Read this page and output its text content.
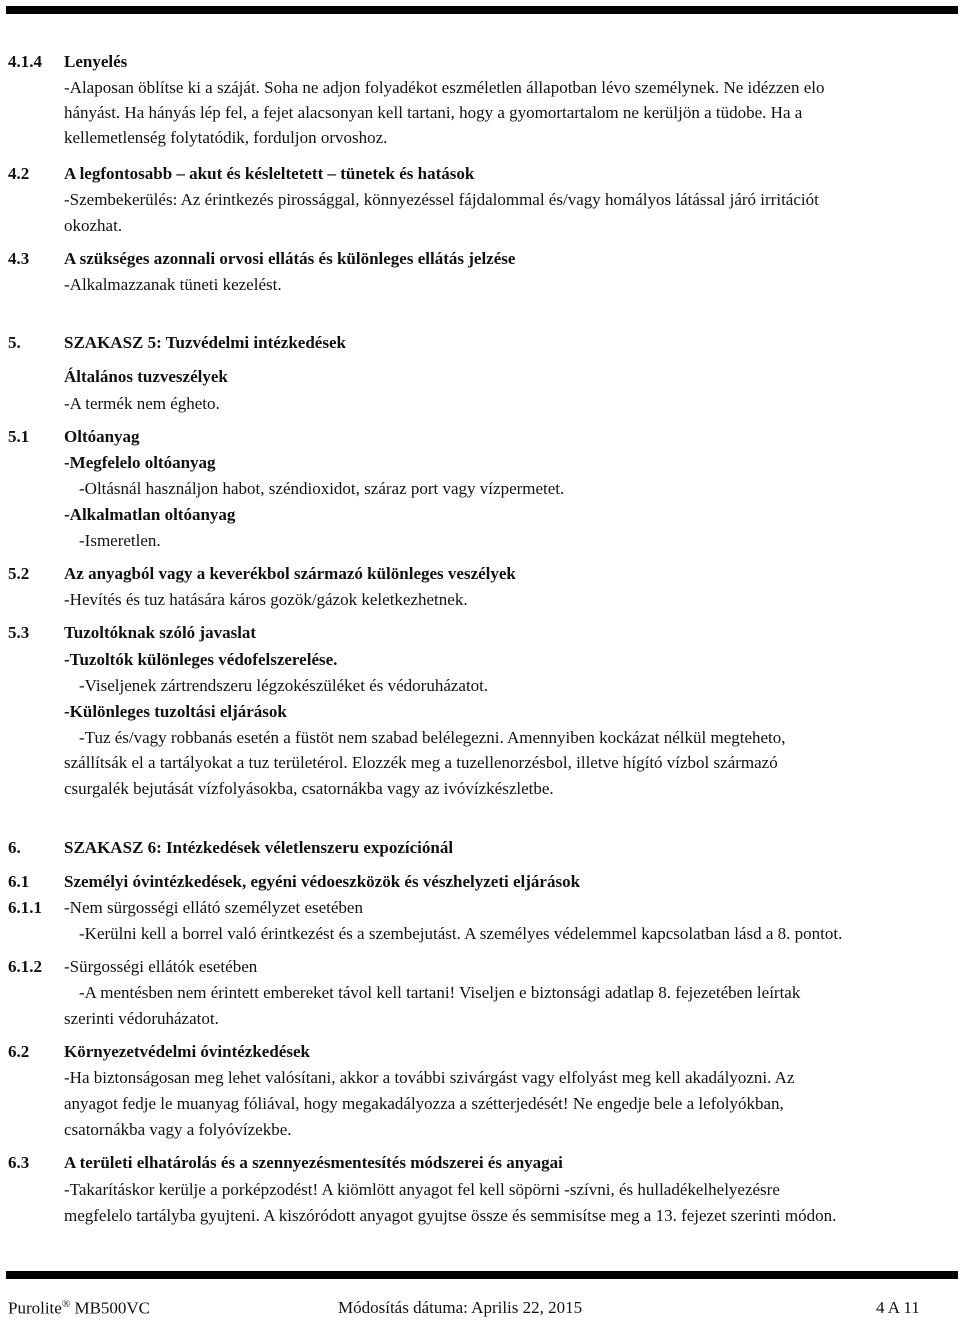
4.1.4 Lenyelés
-Alaposan öblítse ki a száját. Soha ne adjon folyadékot eszméletlen állapotban lévo személynek. Ne idézzen elo
hányást. Ha hányás lép fel, a fejet alacsonyan kell tartani, hogy a gyomortartalom ne kerüljön a tüdobe. Ha a
kellemetlenség folytatódik, forduljon orvoshoz.
4.2 A legfontosabb – akut és késleltetett – tünetek és hatások
-Szembekerülés: Az érintkezés pirossággal, könnyezéssel fájdalommal és/vagy homályos látással járó irritációt
okozhat.
4.3 A szükséges azonnali orvosi ellátás és különleges ellátás jelzése
-Alkalmazzanak tüneti kezelést.
5.	SZAKASZ 5: Tuzvédelmi intézkedések
Általános tuzveszélyek
-A termék nem égheto.
5.1 Oltóanyag
-Megfelelo oltóanyag
-Oltásnál használjon habot, széndioxidot, száraz port vagy vízpermetet.
-Alkalmatlan oltóanyag
-Ismeretlen.
5.2 Az anyagból vagy a keverékbol származó különleges veszélyek
-Hevítés és tuz hatására káros gozök/gázok keletkezhetnek.
5.3 Tuzoltóknak szóló javaslat
-Tuzoltók különleges védofelszerelése.
-Viseljenek zártrendszeru légzokészüléket és védoruházatot.
-Különleges tuzoltási eljárások
-Tuz és/vagy robbanás esetén a füstöt nem szabad belélegezni. Amennyiben kockázat nélkül megteheto,
szállítsák el a tartályokat a tuz területérol. Elozzék meg a tuzellenorzésbol, illetve hígító vízbol származó
csurgalék bejutását vízfolyásokba, csatornákba vagy az ivóvízkészletbe.
6.	SZAKASZ 6: Intézkedések véletlenszeru expozíciónál
6.1 Személyi óvintézkedések, egyéni védoeszközök és vészhelyzeti eljárások
6.1.1 -Nem sürgosségi ellátó személyzet esetében
-Kerülni kell a borrel való érintkezést és a szembejutást. A személyes védelemmel kapcsolatban lásd a 8. pontot.
6.1.2 -Sürgosségi ellátók esetében
-A mentésben nem érintett embereket távol kell tartani! Viseljen e biztonsági adatlap 8. fejezetében leírtak
szerinti védoruházatot.
6.2 Környezetvédelmi óvintézkedések
-Ha biztonságosan meg lehet valósítani, akkor a további szivárgást vagy elfolyást meg kell akadályozni. Az
anyagot fedje le muanyag fóliával, hogy megakadályozza a szétterjedését! Ne engedje bele a lefolyókban,
csatornákba vagy a folyóvízekbe.
6.3 A területi elhatárolás és a szennyezésmentesítés módszerei és anyagai
-Takarításkor kerülje a porképzodést! A kiömlött anyagot fel kell söpörni -szívni, és hulladékelhelyezésre
megfelelo tartályba gyujteni. A kiszóródott anyagot gyujtse össze és semmisítse meg a 13. fejezet szerinti módon.
Purolite® MB500VC	Módosítás dátuma: Aprilis 22, 2015	4 A 11
